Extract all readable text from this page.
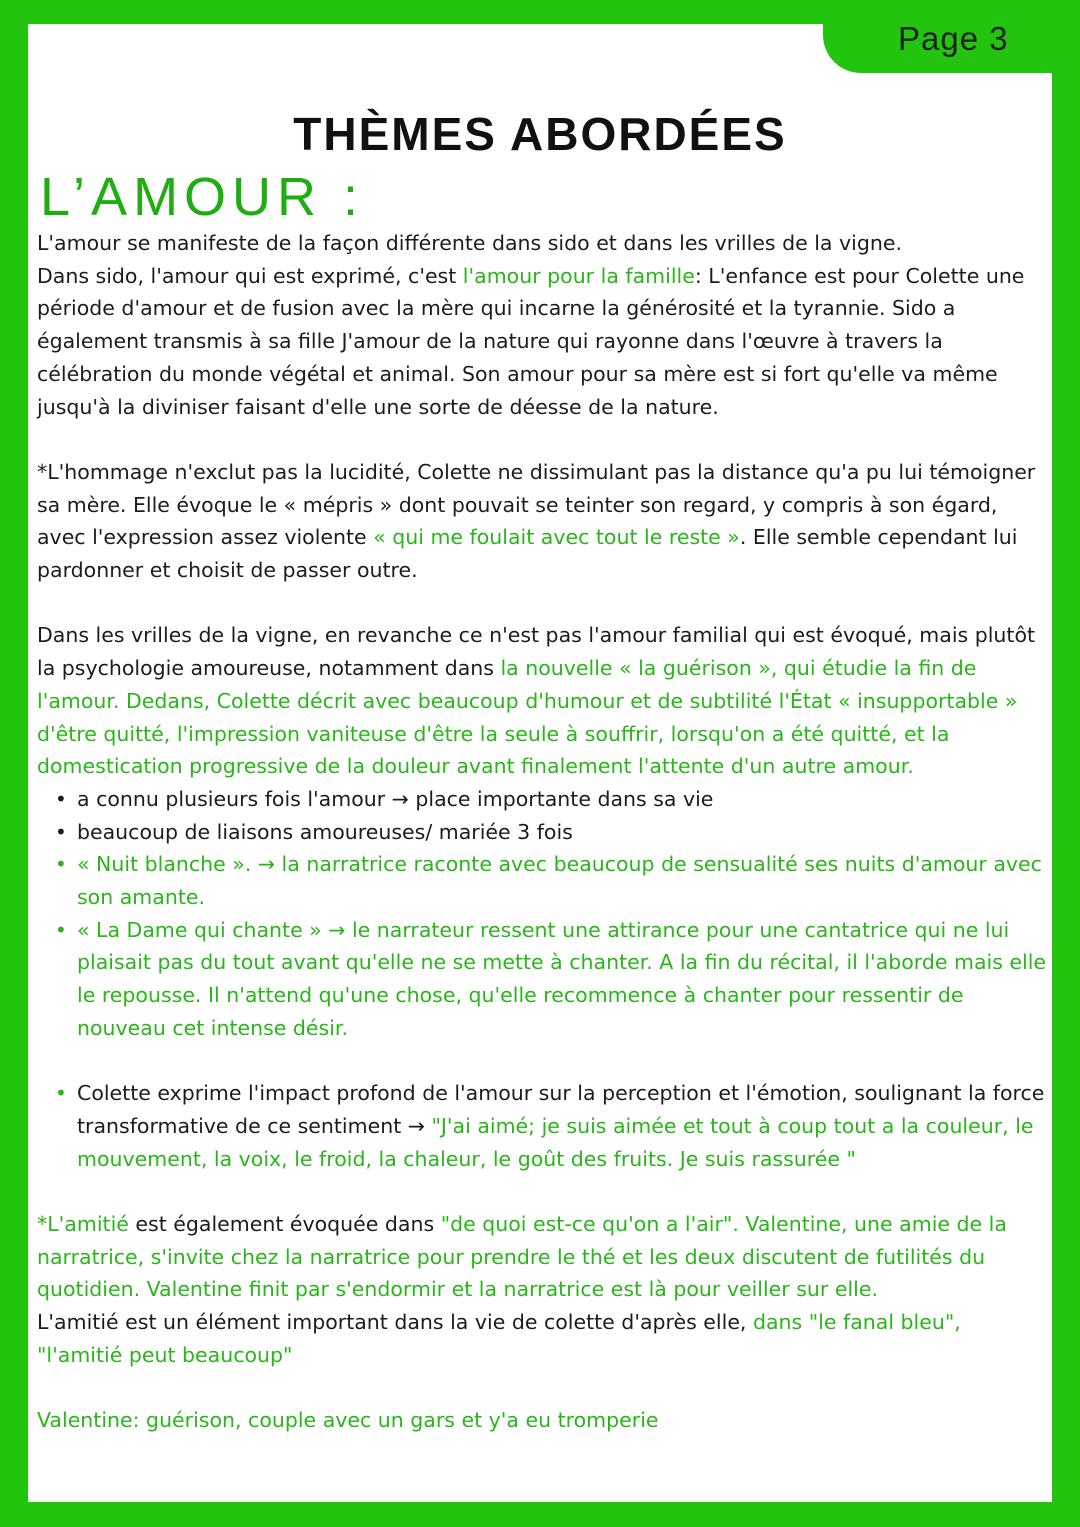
Page 3
THÈMES ABORDÉES
L’AMOUR :

L'amour se manifeste de la façon différente dans sido et dans les vrilles de la vigne.
Dans sido, l'amour qui est exprimé, c'est l'amour pour la famille: L'enfance est pour Colette une période d'amour et de fusion avec la mère qui incarne la générosité et la tyrannie. Sido a également transmis à sa fille J'amour de la nature qui rayonne dans l'œuvre à travers la célébration du monde végétal et animal. Son amour pour sa mère est si fort qu'elle va même jusqu'à la diviniser faisant d'elle une sorte de déesse de la nature.

*L'hommage n'exclut pas la lucidité, Colette ne dissimulant pas la distance qu'a pu lui témoigner sa mère. Elle évoque le « mépris » dont pouvait se teinter son regard, y compris à son égard, avec l'expression assez violente « qui me foulait avec tout le reste ». Elle semble cependant lui pardonner et choisit de passer outre.

Dans les vrilles de la vigne, en revanche ce n'est pas l'amour familial qui est évoqué, mais plutôt la psychologie amoureuse, notamment dans la nouvelle « la guérison », qui étudie la fin de l'amour. Dedans, Colette décrit avec beaucoup d'humour et de subtilité l'État « insupportable » d'être quitté, l'impression vaniteuse d'être la seule à souffrir, lorsqu'on a été quitté, et la domestication progressive de la douleur avant finalement l'attente d'un autre amour.

• a connu plusieurs fois l'amour → place importante dans sa vie
• beaucoup de liaisons amoureuses/ mariée 3 fois
• « Nuit blanche ». → la narratrice raconte avec beaucoup de sensualité ses nuits d'amour avec son amante.
• « La Dame qui chante » → le narrateur ressent une attirance pour une cantatrice qui ne lui plaisait pas du tout avant qu'elle ne se mette à chanter. A la fin du récital, il l'aborde mais elle le repousse. Il n'attend qu'une chose, qu'elle recommence à chanter pour ressentir de nouveau cet intense désir.
• Colette exprime l'impact profond de l'amour sur la perception et l'émotion, soulignant la force transformative de ce sentiment → "J'ai aimé; je suis aimée et tout à coup tout a la couleur, le mouvement, la voix, le froid, la chaleur, le goût des fruits. Je suis rassurée "

*L'amitié est également évoquée dans "de quoi est-ce qu'on a l'air". Valentine, une amie de la narratrice, s'invite chez la narratrice pour prendre le thé et les deux discutent de futilités du quotidien. Valentine finit par s'endormir et la narratrice est là pour veiller sur elle.
L'amitié est un élément important dans la vie de colette d'après elle, dans "le fanal bleu", "l'amitié peut beaucoup"

Valentine: guérison, couple avec un gars et y'a eu tromperie
